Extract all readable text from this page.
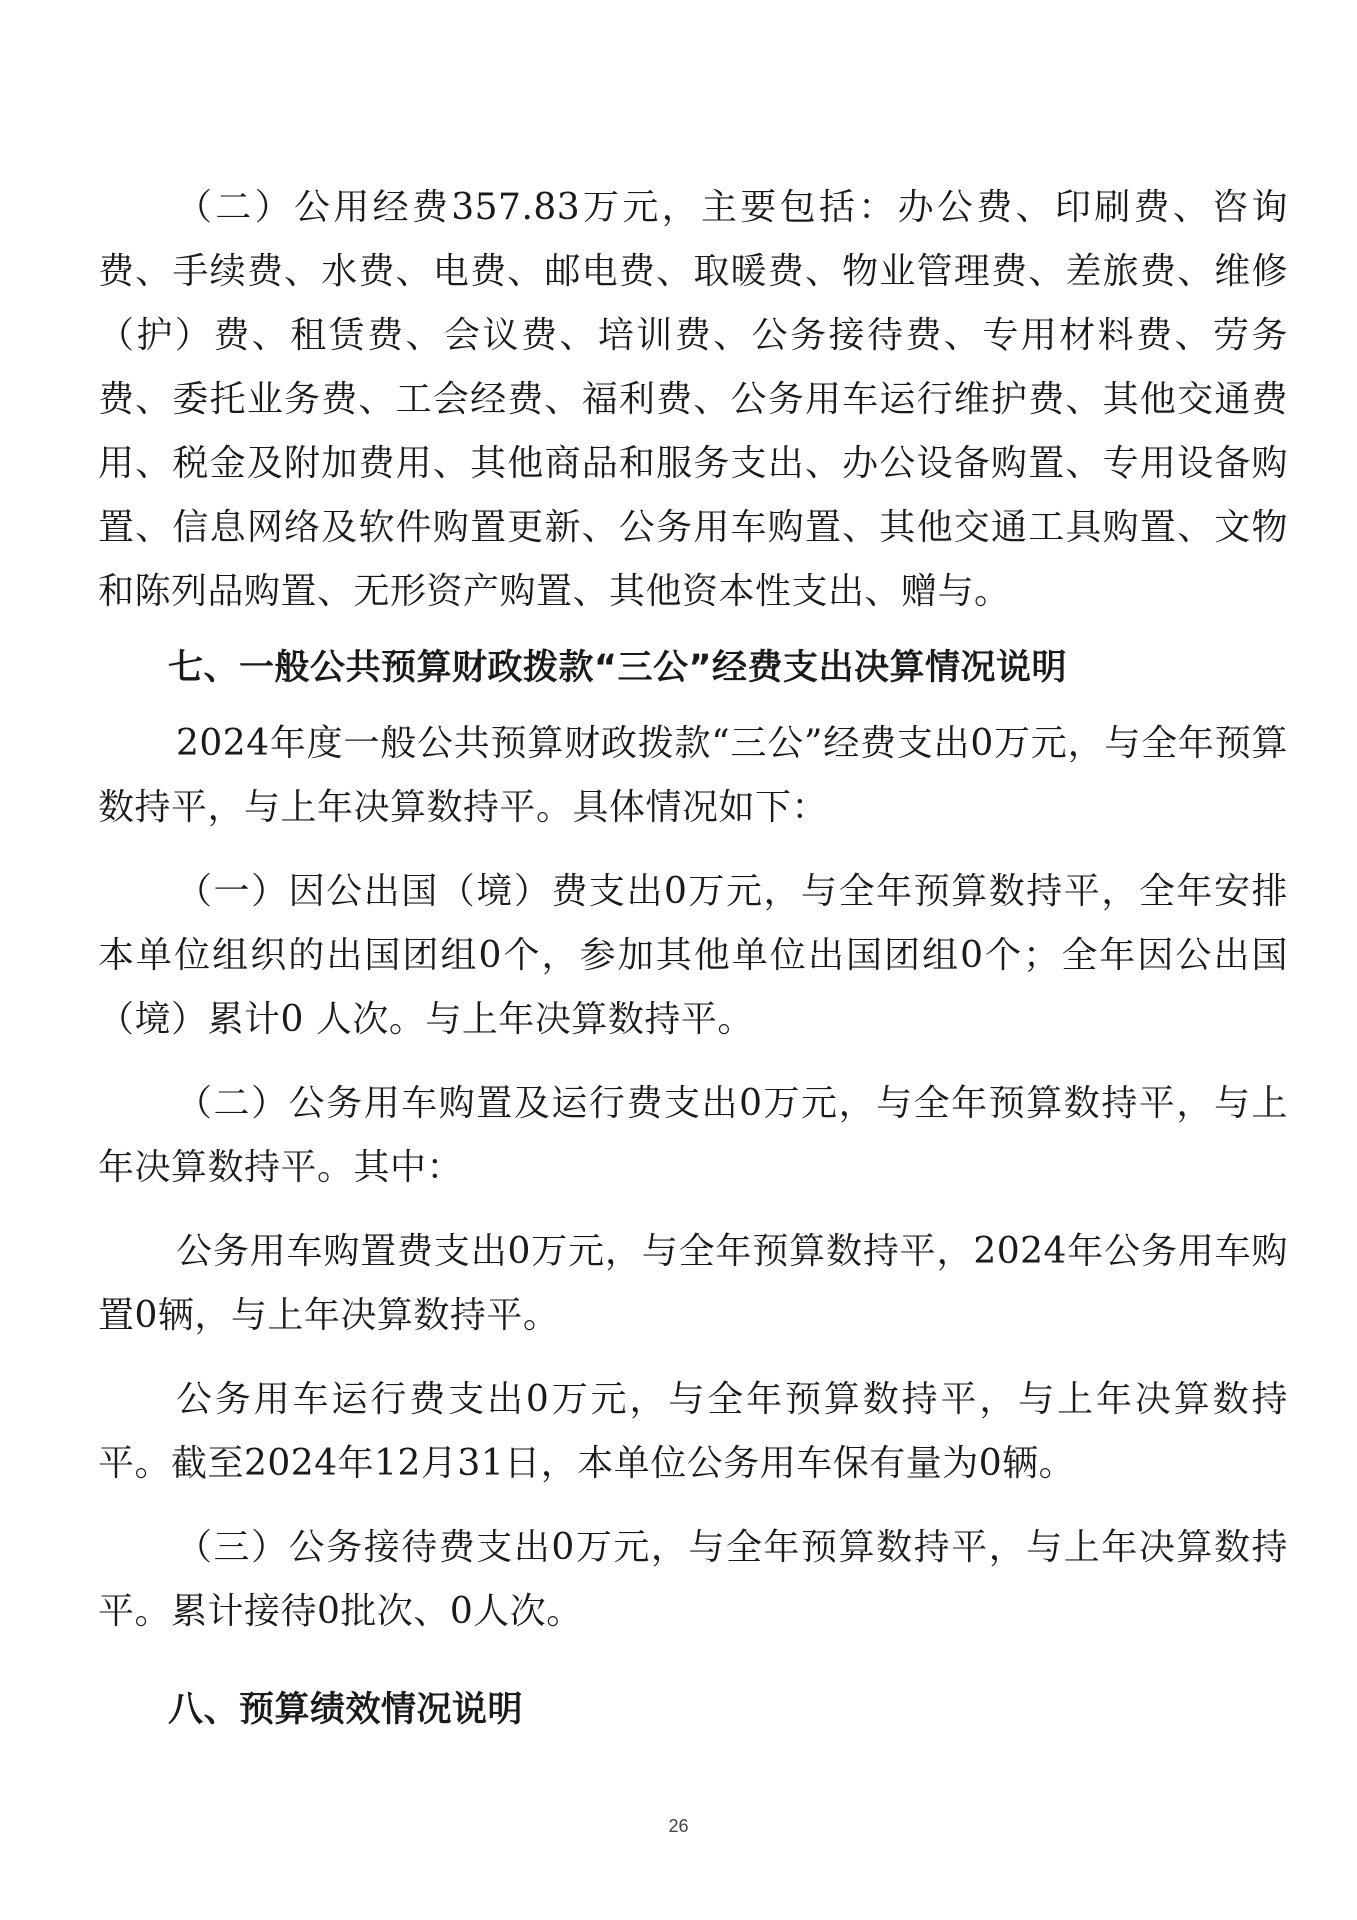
（二）公用经费357.83万元，主要包括：办公费、印刷费、咨询费、手续费、水费、电费、邮电费、取暖费、物业管理费、差旅费、维修（护）费、租赁费、会议费、培训费、公务接待费、专用材料费、劳务费、委托业务费、工会经费、福利费、公务用车运行维护费、其他交通费用、税金及附加费用、其他商品和服务支出、办公设备购置、专用设备购置、信息网络及软件购置更新、公务用车购置、其他交通工具购置、文物和陈列品购置、无形资产购置、其他资本性支出、赠与。

七、一般公共预算财政拨款“三公”经费支出决算情况说明

2024年度一般公共预算财政拨款“三公”经费支出0万元，与全年预算数持平，与上年决算数持平。具体情况如下：

（一）因公出国（境）费支出0万元，与全年预算数持平，全年安排本单位组织的出国团组0个，参加其他单位出国团组0个；全年因公出国（境）累计0 人次。与上年决算数持平。

（二）公务用车购置及运行费支出0万元，与全年预算数持平，与上年决算数持平。其中：

公务用车购置费支出0万元，与全年预算数持平，2024年公务用车购置0辆，与上年决算数持平。

公务用车运行费支出0万元，与全年预算数持平，与上年决算数持平。截至2024年12月31日，本单位公务用车保有量为0辆。

（三）公务接待费支出0万元，与全年预算数持平，与上年决算数持平。累计接待0批次、0人次。

八、预算绩效情况说明

26
